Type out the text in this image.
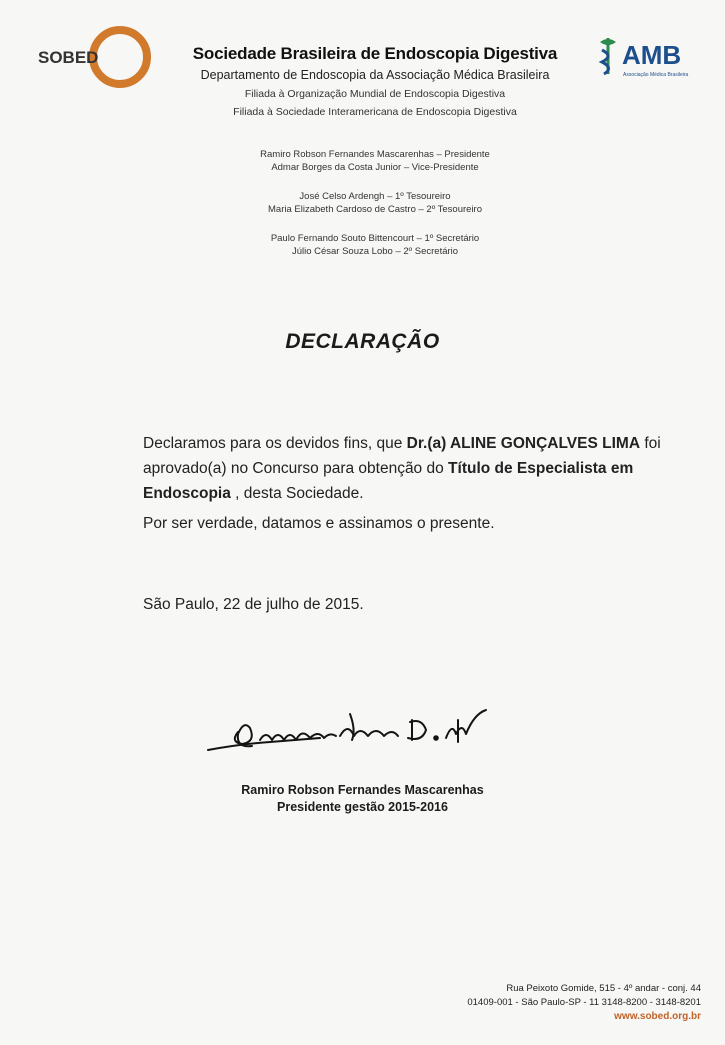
SOBED	AMB
Associação Médica Brasileira
Sociedade Brasileira de Endoscopia Digestiva
Departamento de Endoscopia da Associação Médica Brasileira
Filiada à Organização Mundial de Endoscopia Digestiva
Filiada à Sociedade Interamericana de Endoscopia Digestiva
Ramiro Robson Fernandes Mascarenhas – Presidente
Admar Borges da Costa Junior – Vice-Presidente
José Celso Ardengh – 1º Tesoureiro
Maria Elizabeth Cardoso de Castro – 2º Tesoureiro
Paulo Fernando Souto Bittencourt – 1º Secretário
Júlio César Souza Lobo – 2º Secretário
DECLARAÇÃO
Declaramos para os devidos fins, que Dr.(a) ALINE GONÇALVES LIMA foi aprovado(a) no Concurso para obtenção do Título de Especialista em Endoscopia , desta Sociedade.
Por ser verdade, datamos e assinamos o presente.
São Paulo, 22 de julho de 2015.
Ramiro Robson Fernandes Mascarenhas
Presidente gestão 2015-2016
Rua Peixoto Gomide, 515 - 4º andar - conj. 44
01409-001 - São Paulo-SP - 11 3148-8200 - 3148-8201
www.sobed.org.br
